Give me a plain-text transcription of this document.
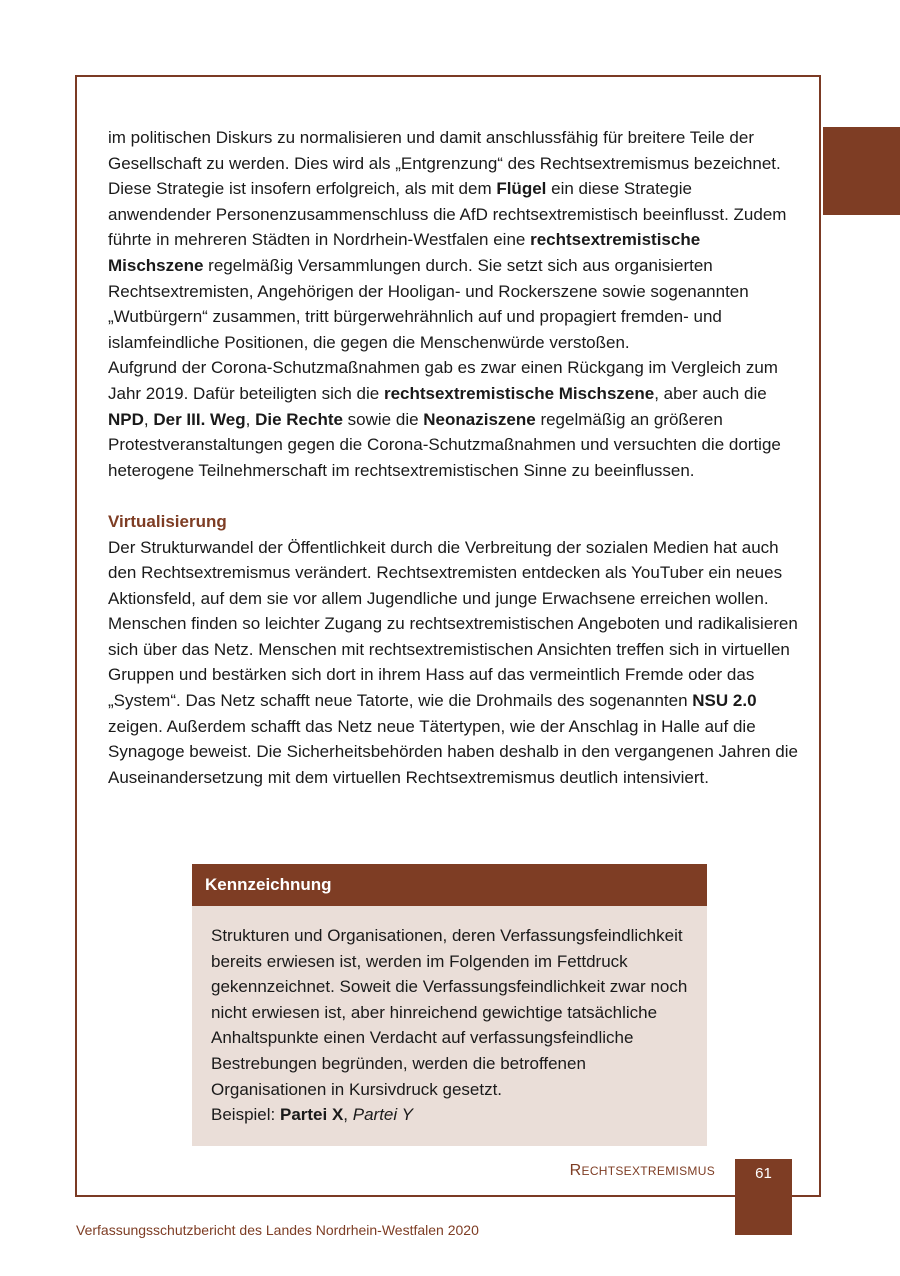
im politischen Diskurs zu normalisieren und damit anschlussfähig für breitere Teile der Gesellschaft zu werden. Dies wird als „Entgrenzung“ des Rechtsextremismus bezeichnet.

Diese Strategie ist insofern erfolgreich, als mit dem Flügel ein diese Strategie anwendender Personenzusammenschluss die AfD rechtsextremistisch beeinflusst. Zudem führte in mehreren Städten in Nordrhein-Westfalen eine rechtsextremistische Mischszene regelmäßig Versammlungen durch. Sie setzt sich aus organisierten Rechtsextremisten, Angehörigen der Hooligan- und Rockerszene sowie sogenannten „Wutbürgern“ zusammen, tritt bürgerwehrähnlich auf und propagiert fremden- und islamfeindliche Positionen, die gegen die Menschenwürde verstoßen.

Aufgrund der Corona-Schutzmaßnahmen gab es zwar einen Rückgang im Vergleich zum Jahr 2019. Dafür beteiligten sich die rechtsextremistische Mischszene, aber auch die NPD, Der III. Weg, Die Rechte sowie die Neonaziszene regelmäßig an größeren Protestveranstaltungen gegen die Corona-Schutzmaßnahmen und versuchten die dortige heterogene Teilnehmerschaft im rechtsextremistischen Sinne zu beeinflussen.

Virtualisierung

Der Strukturwandel der Öffentlichkeit durch die Verbreitung der sozialen Medien hat auch den Rechtsextremismus verändert. Rechtsextremisten entdecken als YouTuber ein neues Aktionsfeld, auf dem sie vor allem Jugendliche und junge Erwachsene erreichen wollen. Menschen finden so leichter Zugang zu rechtsextremistischen Angeboten und radikalisieren sich über das Netz. Menschen mit rechtsextremistischen Ansichten treffen sich in virtuellen Gruppen und bestärken sich dort in ihrem Hass auf das vermeintlich Fremde oder das „System“. Das Netz schafft neue Tatorte, wie die Drohmails des sogenannten NSU 2.0 zeigen. Außerdem schafft das Netz neue Tätertypen, wie der Anschlag in Halle auf die Synagoge beweist. Die Sicherheitsbehörden haben deshalb in den vergangenen Jahren die Auseinandersetzung mit dem virtuellen Rechtsextremismus deutlich intensiviert.

Kennzeichnung

Strukturen und Organisationen, deren Verfassungsfeindlichkeit bereits erwiesen ist, werden im Folgenden im Fettdruck gekennzeichnet. Soweit die Verfassungsfeindlichkeit zwar noch nicht erwiesen ist, aber hinreichend gewichtige tatsächliche Anhaltspunkte einen Verdacht auf verfassungsfeindliche Bestrebungen begründen, werden die betroffenen Organisationen in Kursivdruck gesetzt.

Beispiel: Partei X, Partei Y

RECHTSEXTREMISMUS	61
Verfassungsschutzbericht des Landes Nordrhein-Westfalen 2020
